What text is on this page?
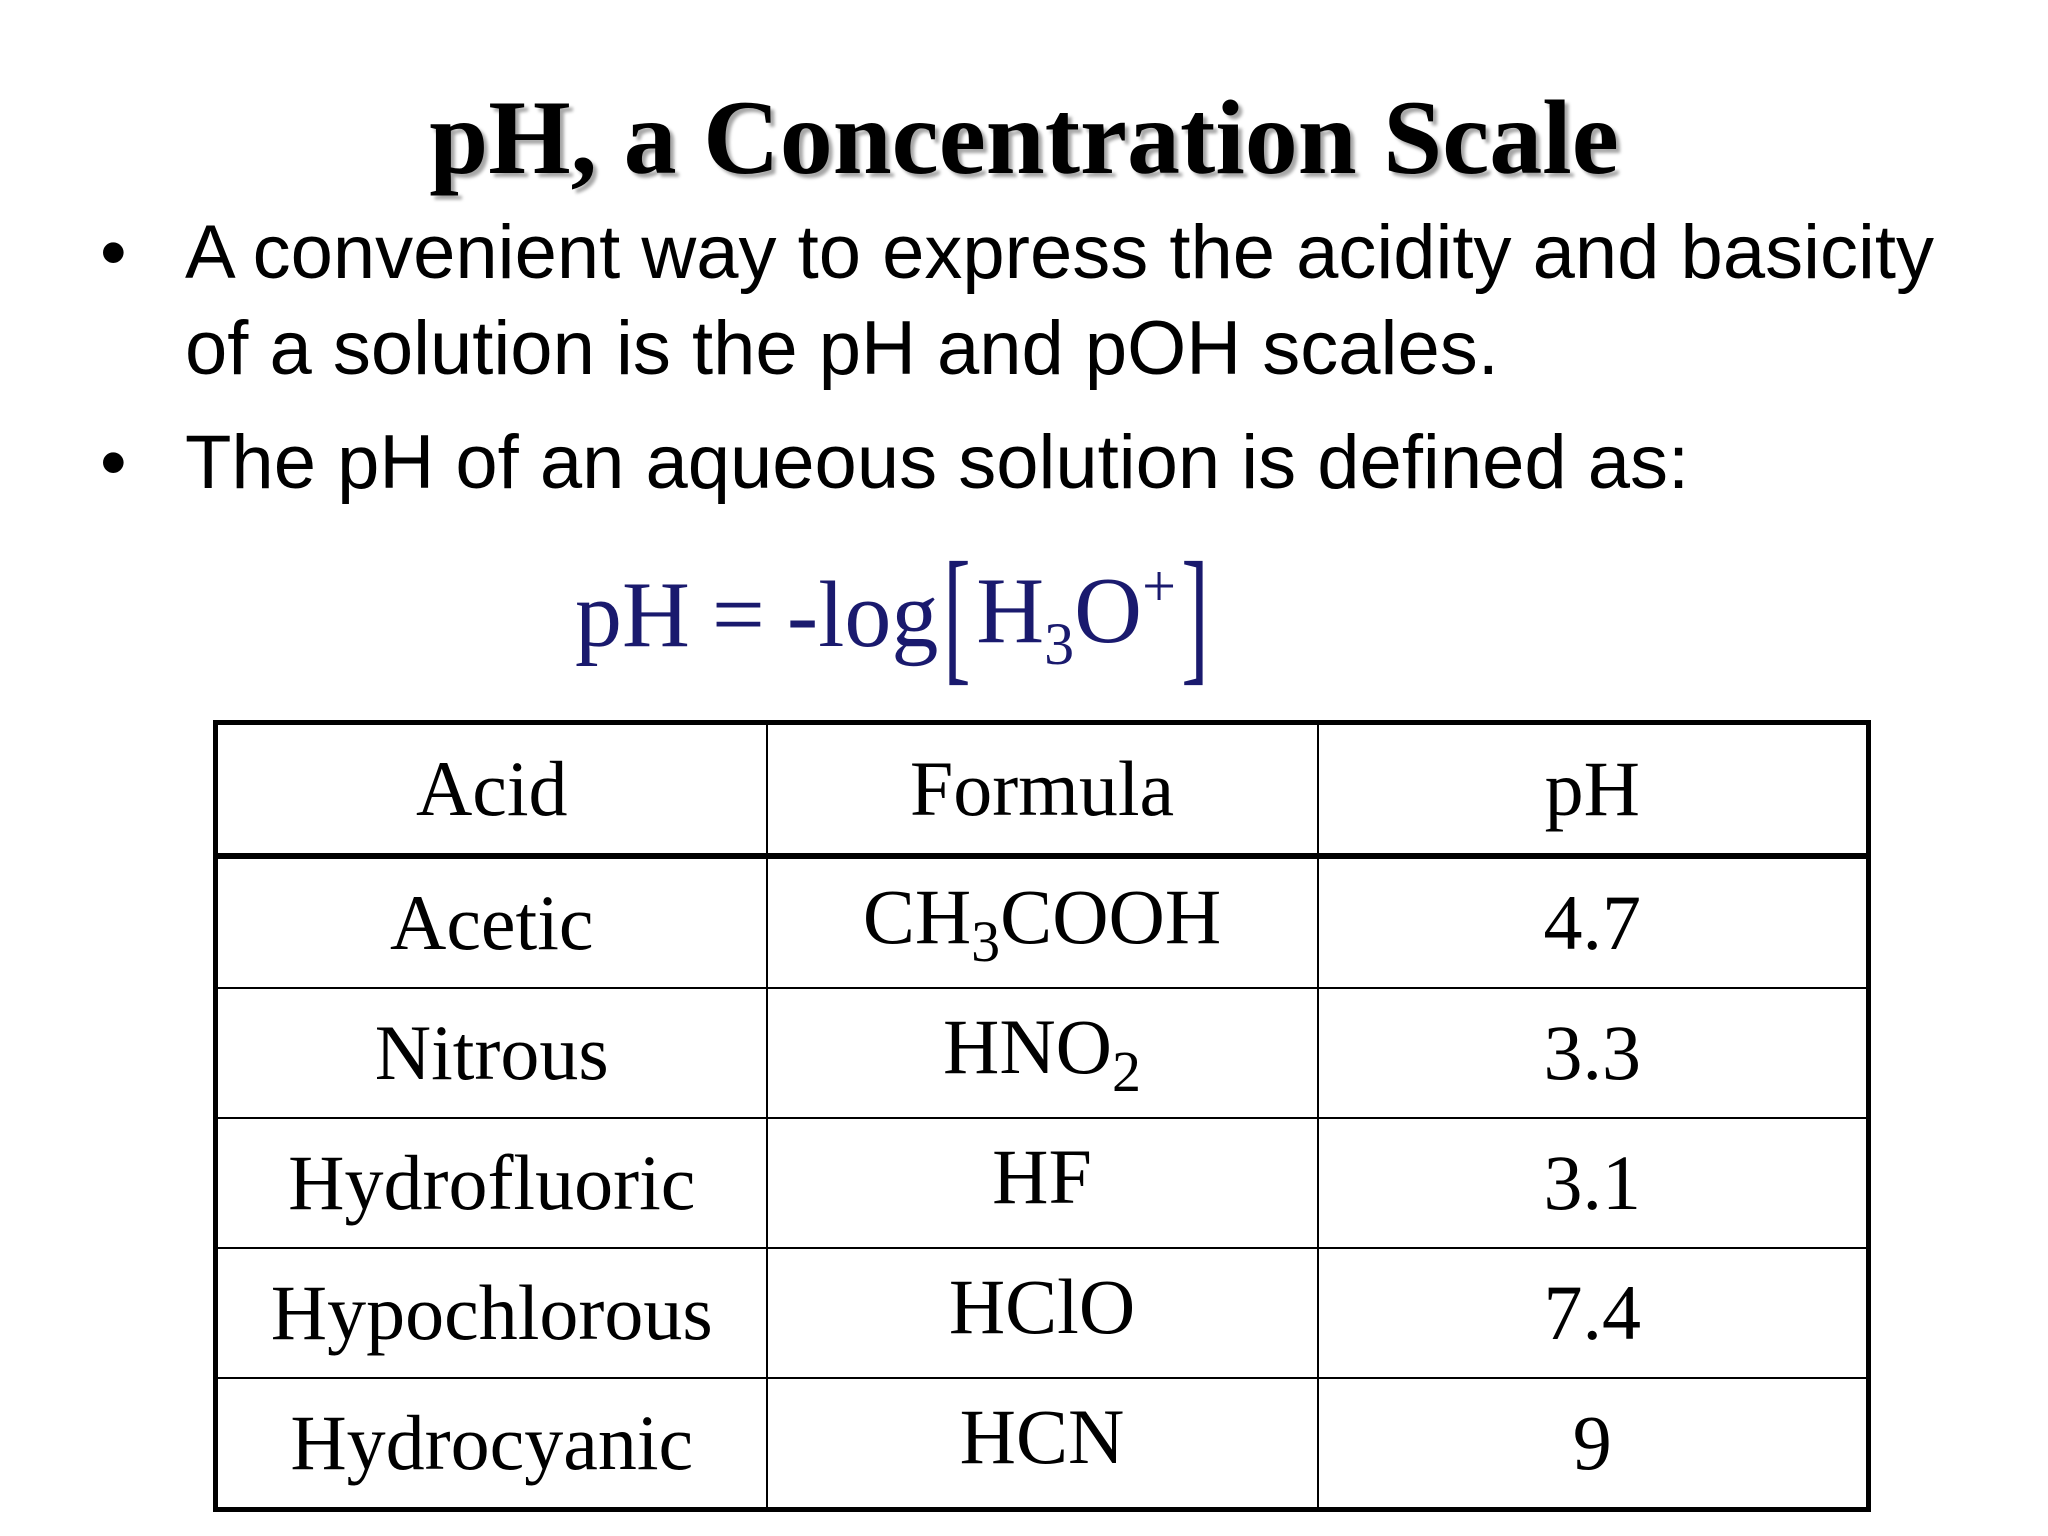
pH, a Concentration Scale
• A convenient way to express the acidity and basicity of a solution is the pH and pOH scales.
• The pH of an aqueous solution is defined as:
pH = -log [ $H_3O^+$ ]
Acid	Formula	pH
Acetic	$CH_3COOH$	4.7
Nitrous	$HNO_2$	3.3
Hydrofluoric	HF	3.1
Hypochlorous	HClO	7.4
Hydrocyanic	HCN	9
